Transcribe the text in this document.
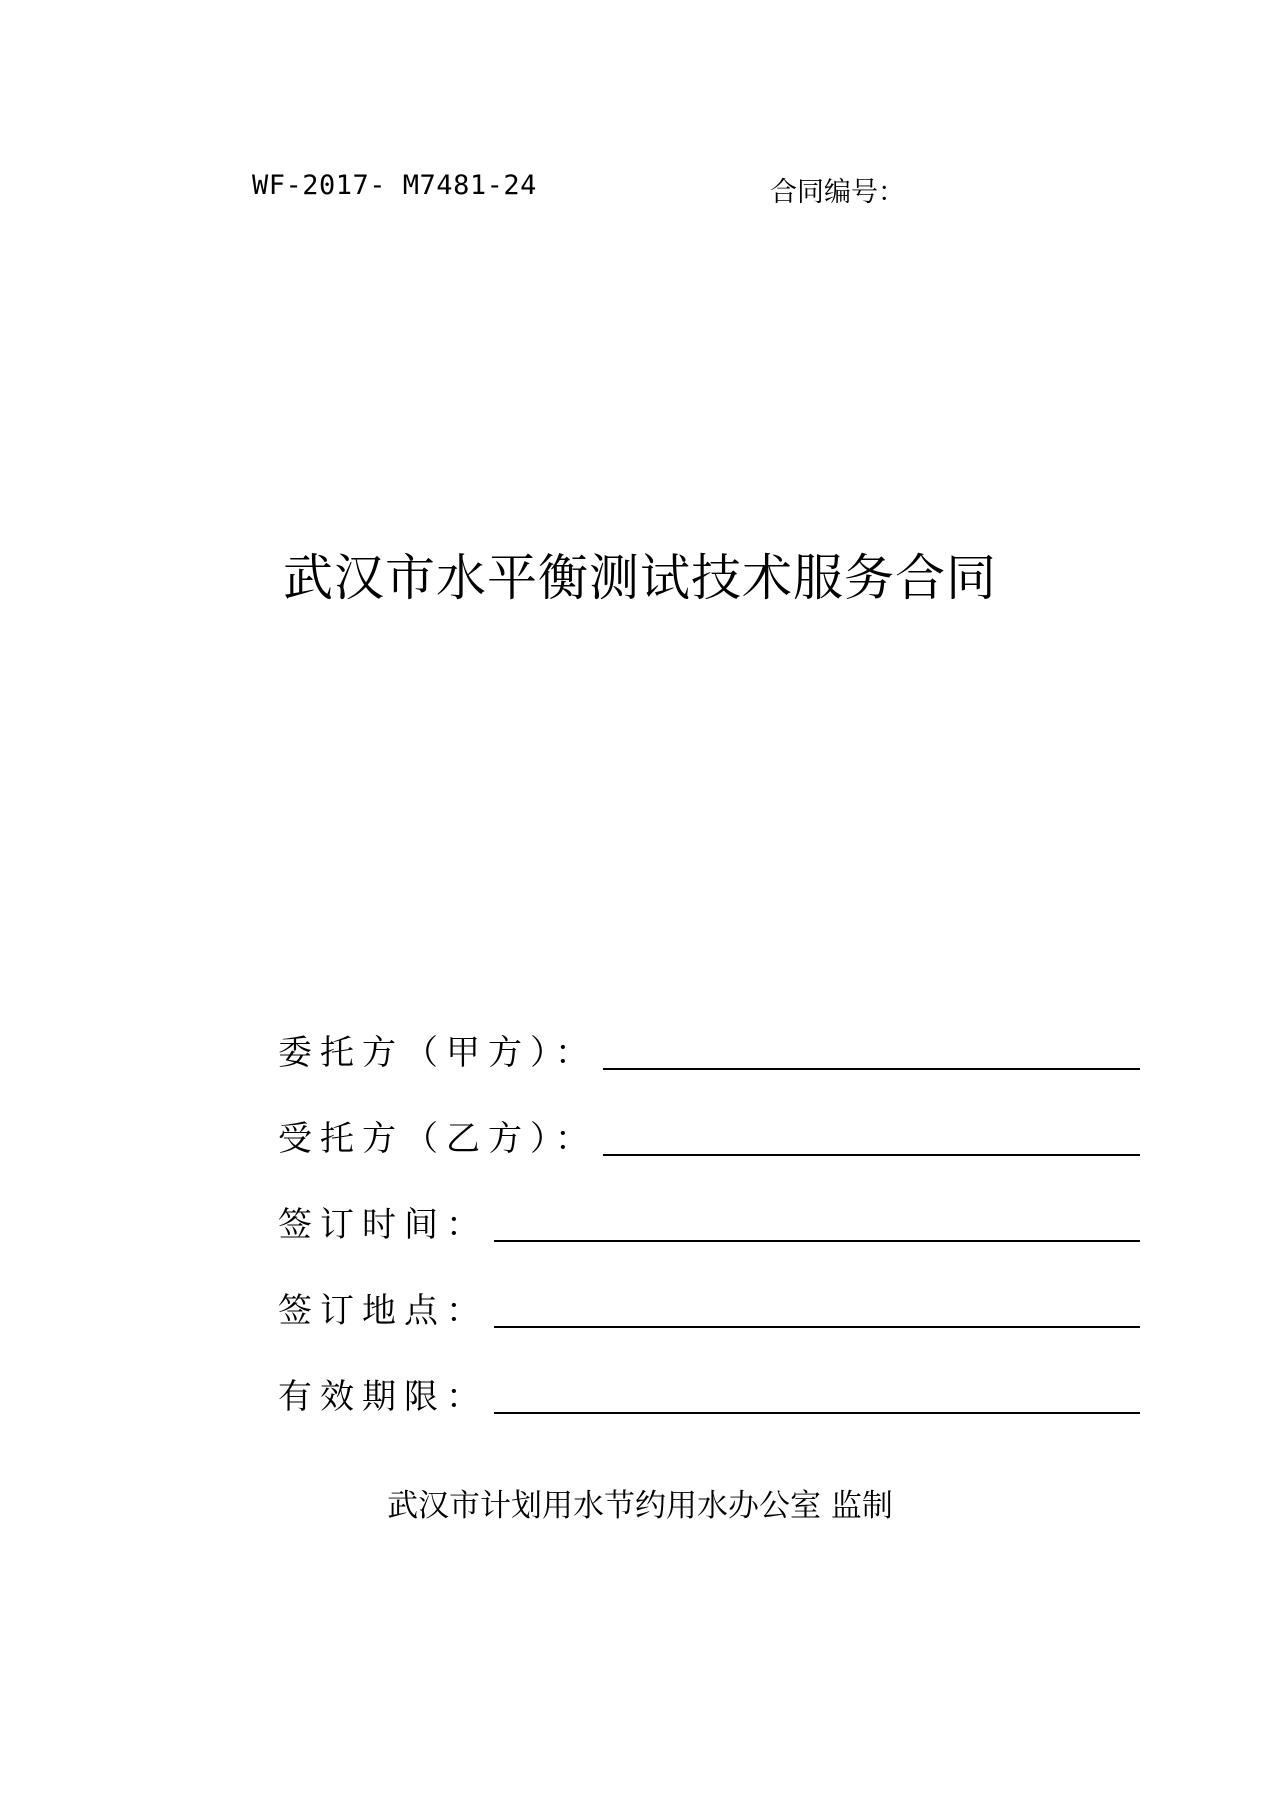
WF-2017- M7481-24	合同编号：
武汉市水平衡测试技术服务合同
委托方（甲方）：
受托方（乙方）：
签订时间：
签订地点：
有效期限：
武汉市计划用水节约用水办公室 监制
